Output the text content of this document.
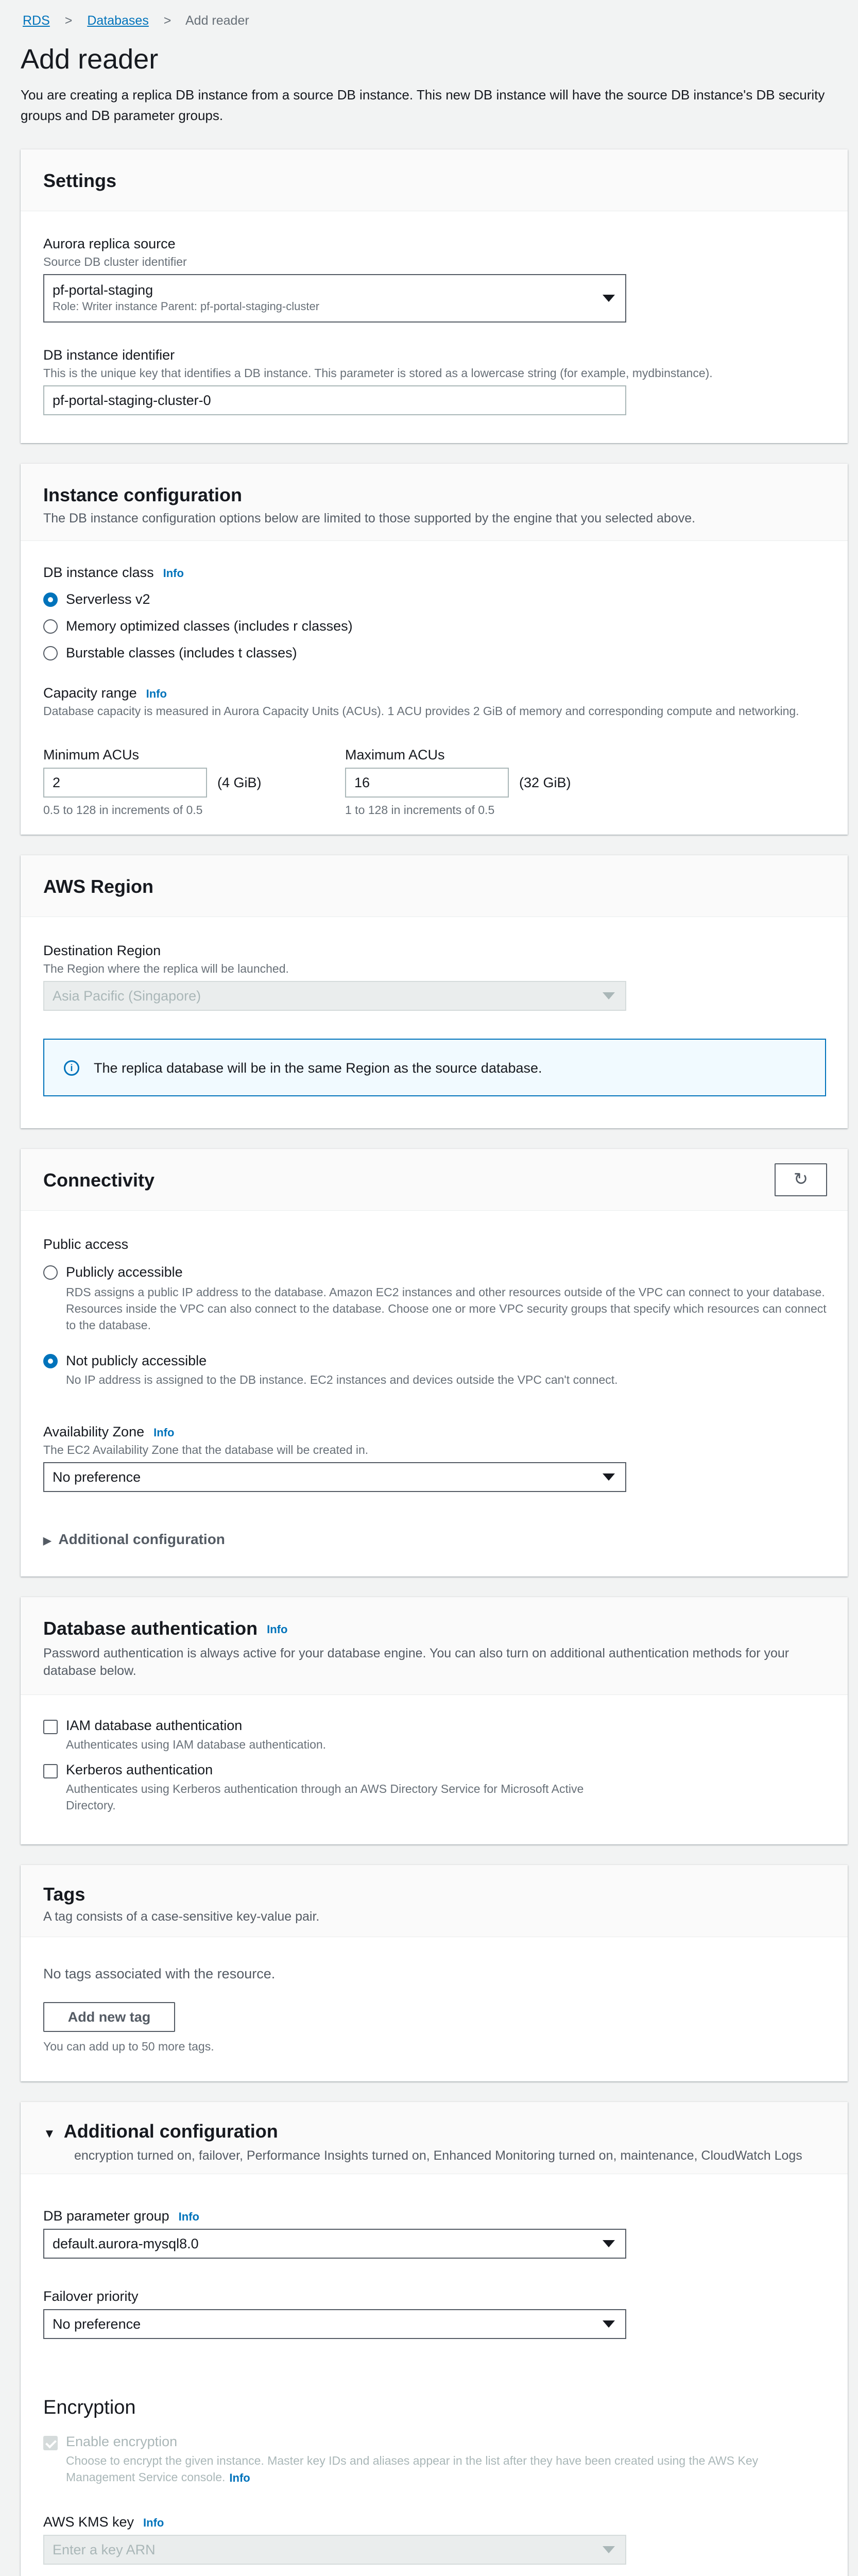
RDS > Databases > Add reader
Add reader
You are creating a replica DB instance from a source DB instance. This new DB instance will have the source DB instance's DB security groups and DB parameter groups.
Settings
Aurora replica source
Source DB cluster identifier
pf-portal-staging
Role: Writer instance Parent: pf-portal-staging-cluster
DB instance identifier
This is the unique key that identifies a DB instance. This parameter is stored as a lowercase string (for example, mydbinstance).
pf-portal-staging-cluster-0
Instance configuration
The DB instance configuration options below are limited to those supported by the engine that you selected above.
DB instance class Info
Serverless v2
Memory optimized classes (includes r classes)
Burstable classes (includes t classes)
Capacity range Info
Database capacity is measured in Aurora Capacity Units (ACUs). 1 ACU provides 2 GiB of memory and corresponding compute and networking.
Minimum ACUs
2	(4 GiB)
0.5 to 128 in increments of 0.5
Maximum ACUs
16	(32 GiB)
1 to 128 in increments of 0.5
AWS Region
Destination Region
The Region where the replica will be launched.
Asia Pacific (Singapore)
i	The replica database will be in the same Region as the source database.
Connectivity	↻
Public access
Publicly accessible
RDS assigns a public IP address to the database. Amazon EC2 instances and other resources outside of the VPC can connect to your database. Resources inside the VPC can also connect to the database. Choose one or more VPC security groups that specify which resources can connect to the database.
Not publicly accessible
No IP address is assigned to the DB instance. EC2 instances and devices outside the VPC can't connect.
Availability Zone Info
The EC2 Availability Zone that the database will be created in.
No preference
▶ Additional configuration
Database authentication Info
Password authentication is always active for your database engine. You can also turn on additional authentication methods for your database below.
IAM database authentication
Authenticates using IAM database authentication.
Kerberos authentication
Authenticates using Kerberos authentication through an AWS Directory Service for Microsoft Active Directory.
Tags
A tag consists of a case-sensitive key-value pair.
No tags associated with the resource.
Add new tag
You can add up to 50 more tags.
▼ Additional configuration
encryption turned on, failover, Performance Insights turned on, Enhanced Monitoring turned on, maintenance, CloudWatch Logs
DB parameter group Info
default.aurora-mysql8.0
Failover priority
No preference
Encryption
Enable encryption
Choose to encrypt the given instance. Master key IDs and aliases appear in the list after they have been created using the AWS Key
Management Service console. Info
AWS KMS key Info
Enter a key ARN
